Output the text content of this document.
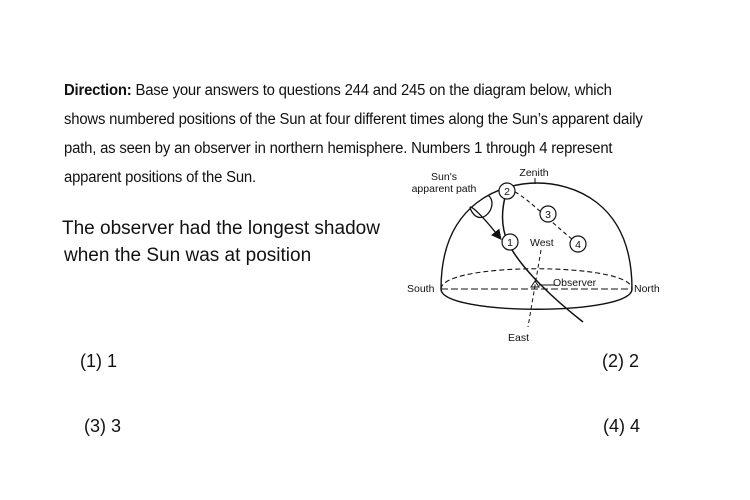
Direction: Base your answers to questions 244 and 245 on the diagram below, which shows numbered positions of the Sun at four different times along the Sun’s apparent daily path, as seen by an observer in northern hemisphere. Numbers 1 through 4 represent apparent positions of the Sun.
The observer had the longest shadow
when the Sun was at position
(1) 1	(2) 2
(3) 3	(4) 4
1
2
3
4
Sun's
apparent path
Zenith
West
South	North
East
Observer
